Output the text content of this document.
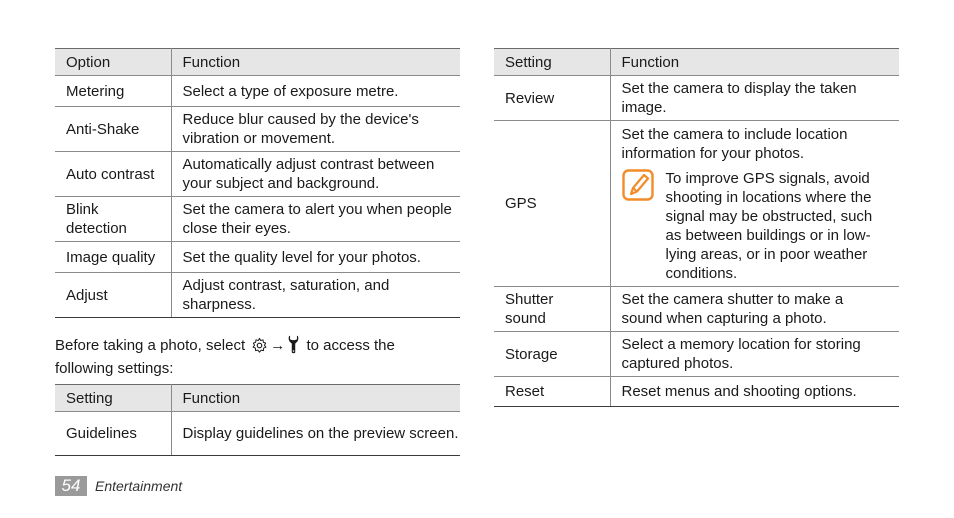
Option	Function
Metering	Select a type of exposure metre.
Anti-Shake	Reduce blur caused by the device's vibration or movement.
Auto contrast	Automatically adjust contrast between your subject and background.
Blink detection	Set the camera to alert you when people close their eyes.
Image quality	Set the quality level for your photos.
Adjust	Adjust contrast, saturation, and sharpness.
Before taking a photo, select → to access the following settings:
Setting	Function
Guidelines	Display guidelines on the preview screen.
Setting	Function
Review	Set the camera to display the taken image.
GPS	Set the camera to include location information for your photos.
To improve GPS signals, avoid shooting in locations where the signal may be obstructed, such as between buildings or in low-lying areas, or in poor weather conditions.

Shutter sound	Set the camera shutter to make a sound when capturing a photo.
Storage	Select a memory location for storing captured photos.
Reset	Reset menus and shooting options.
54	Entertainment
